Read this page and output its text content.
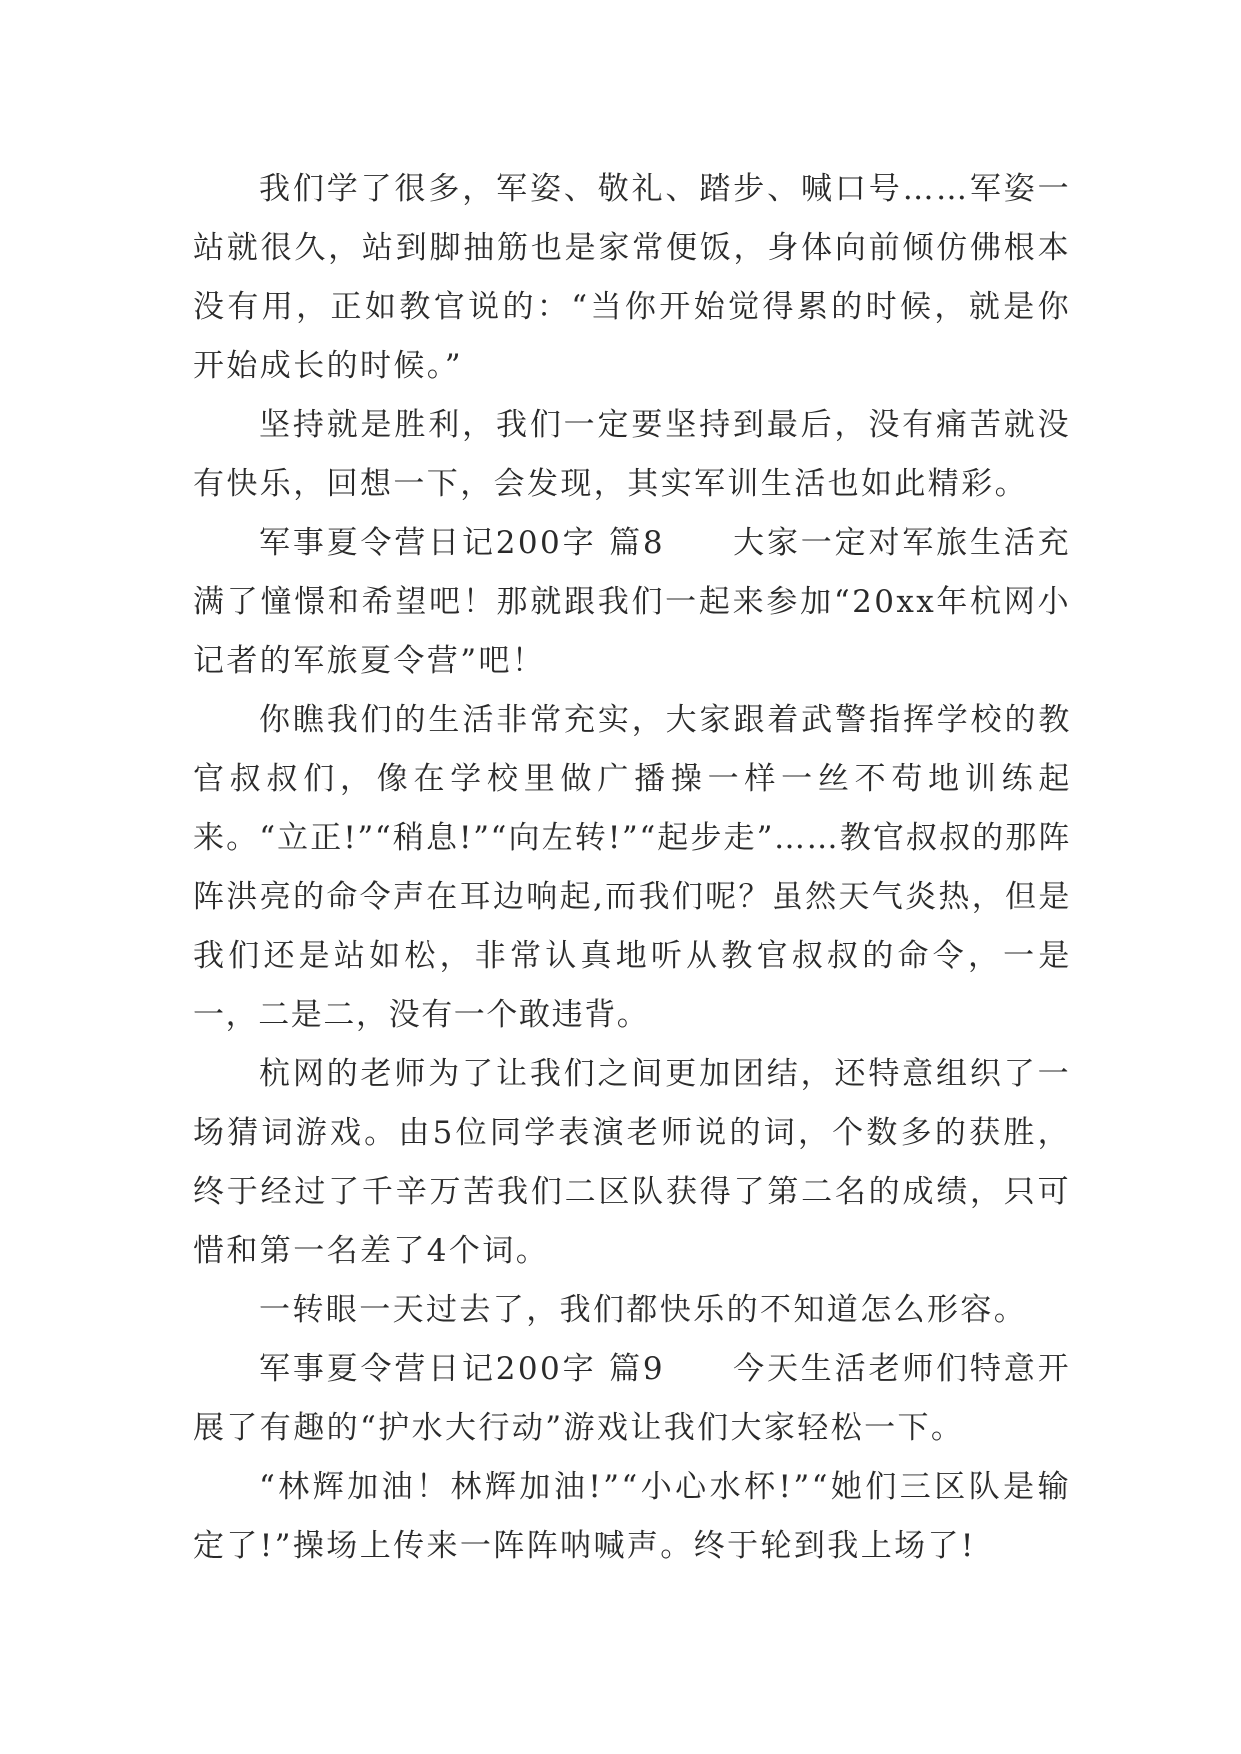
我们学了很多，军姿、敬礼、踏步、喊口号……军姿一站就很久，站到脚抽筋也是家常便饭，身体向前倾仿佛根本没有用，正如教官说的：“当你开始觉得累的时候，就是你开始成长的时候。”

坚持就是胜利，我们一定要坚持到最后，没有痛苦就没有快乐，回想一下，会发现，其实军训生活也如此精彩。

军事夏令营日记200字 篇8　　大家一定对军旅生活充满了憧憬和希望吧！那就跟我们一起来参加“20xx年杭网小记者的军旅夏令营”吧！

你瞧我们的生活非常充实，大家跟着武警指挥学校的教官叔叔们，像在学校里做广播操一样一丝不苟地训练起来。“立正!”“稍息!”“向左转!”“起步走”……教官叔叔的那阵阵洪亮的命令声在耳边响起,而我们呢？虽然天气炎热，但是我们还是站如松，非常认真地听从教官叔叔的命令，一是一，二是二，没有一个敢违背。

杭网的老师为了让我们之间更加团结，还特意组织了一场猜词游戏。由5位同学表演老师说的词，个数多的获胜，终于经过了千辛万苦我们二区队获得了第二名的成绩，只可惜和第一名差了4个词。

一转眼一天过去了，我们都快乐的不知道怎么形容。

军事夏令营日记200字 篇9　　今天生活老师们特意开展了有趣的“护水大行动”游戏让我们大家轻松一下。

“林辉加油！林辉加油!”“小心水杯!”“她们三区队是输定了!”操场上传来一阵阵呐喊声。终于轮到我上场了!
